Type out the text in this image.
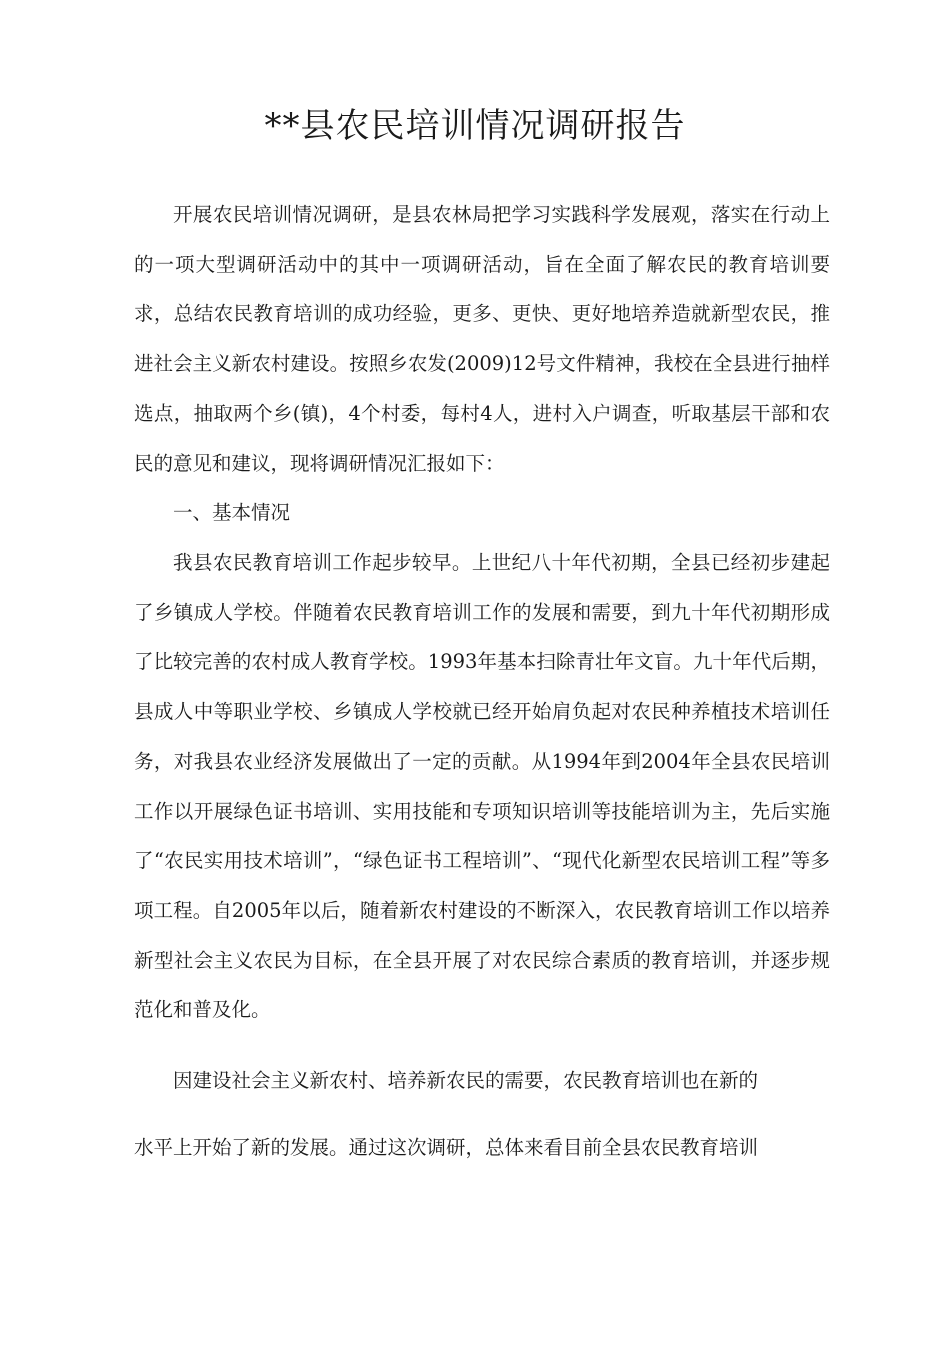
**县农民培训情况调研报告

开展农民培训情况调研，是县农林局把学习实践科学发展观，落实在行动上的一项大型调研活动中的其中一项调研活动，旨在全面了解农民的教育培训要求，总结农民教育培训的成功经验，更多、更快、更好地培养造就新型农民，推进社会主义新农村建设。按照乡农发(2009)12号文件精神，我校在全县进行抽样选点，抽取两个乡(镇)，4个村委，每村4人，进村入户调查，听取基层干部和农民的意见和建议，现将调研情况汇报如下：

一、基本情况

我县农民教育培训工作起步较早。上世纪八十年代初期，全县已经初步建起了乡镇成人学校。伴随着农民教育培训工作的发展和需要，到九十年代初期形成了比较完善的农村成人教育学校。1993年基本扫除青壮年文盲。九十年代后期，县成人中等职业学校、乡镇成人学校就已经开始肩负起对农民种养植技术培训任务，对我县农业经济发展做出了一定的贡献。从1994年到2004年全县农民培训工作以开展绿色证书培训、实用技能和专项知识培训等技能培训为主，先后实施了“农民实用技术培训”，“绿色证书工程培训”、“现代化新型农民培训工程”等多项工程。自2005年以后，随着新农村建设的不断深入，农民教育培训工作以培养新型社会主义农民为目标，在全县开展了对农民综合素质的教育培训，并逐步规范化和普及化。

因建设社会主义新农村、培养新农民的需要，农民教育培训也在新的
水平上开始了新的发展。通过这次调研，总体来看目前全县农民教育培训
